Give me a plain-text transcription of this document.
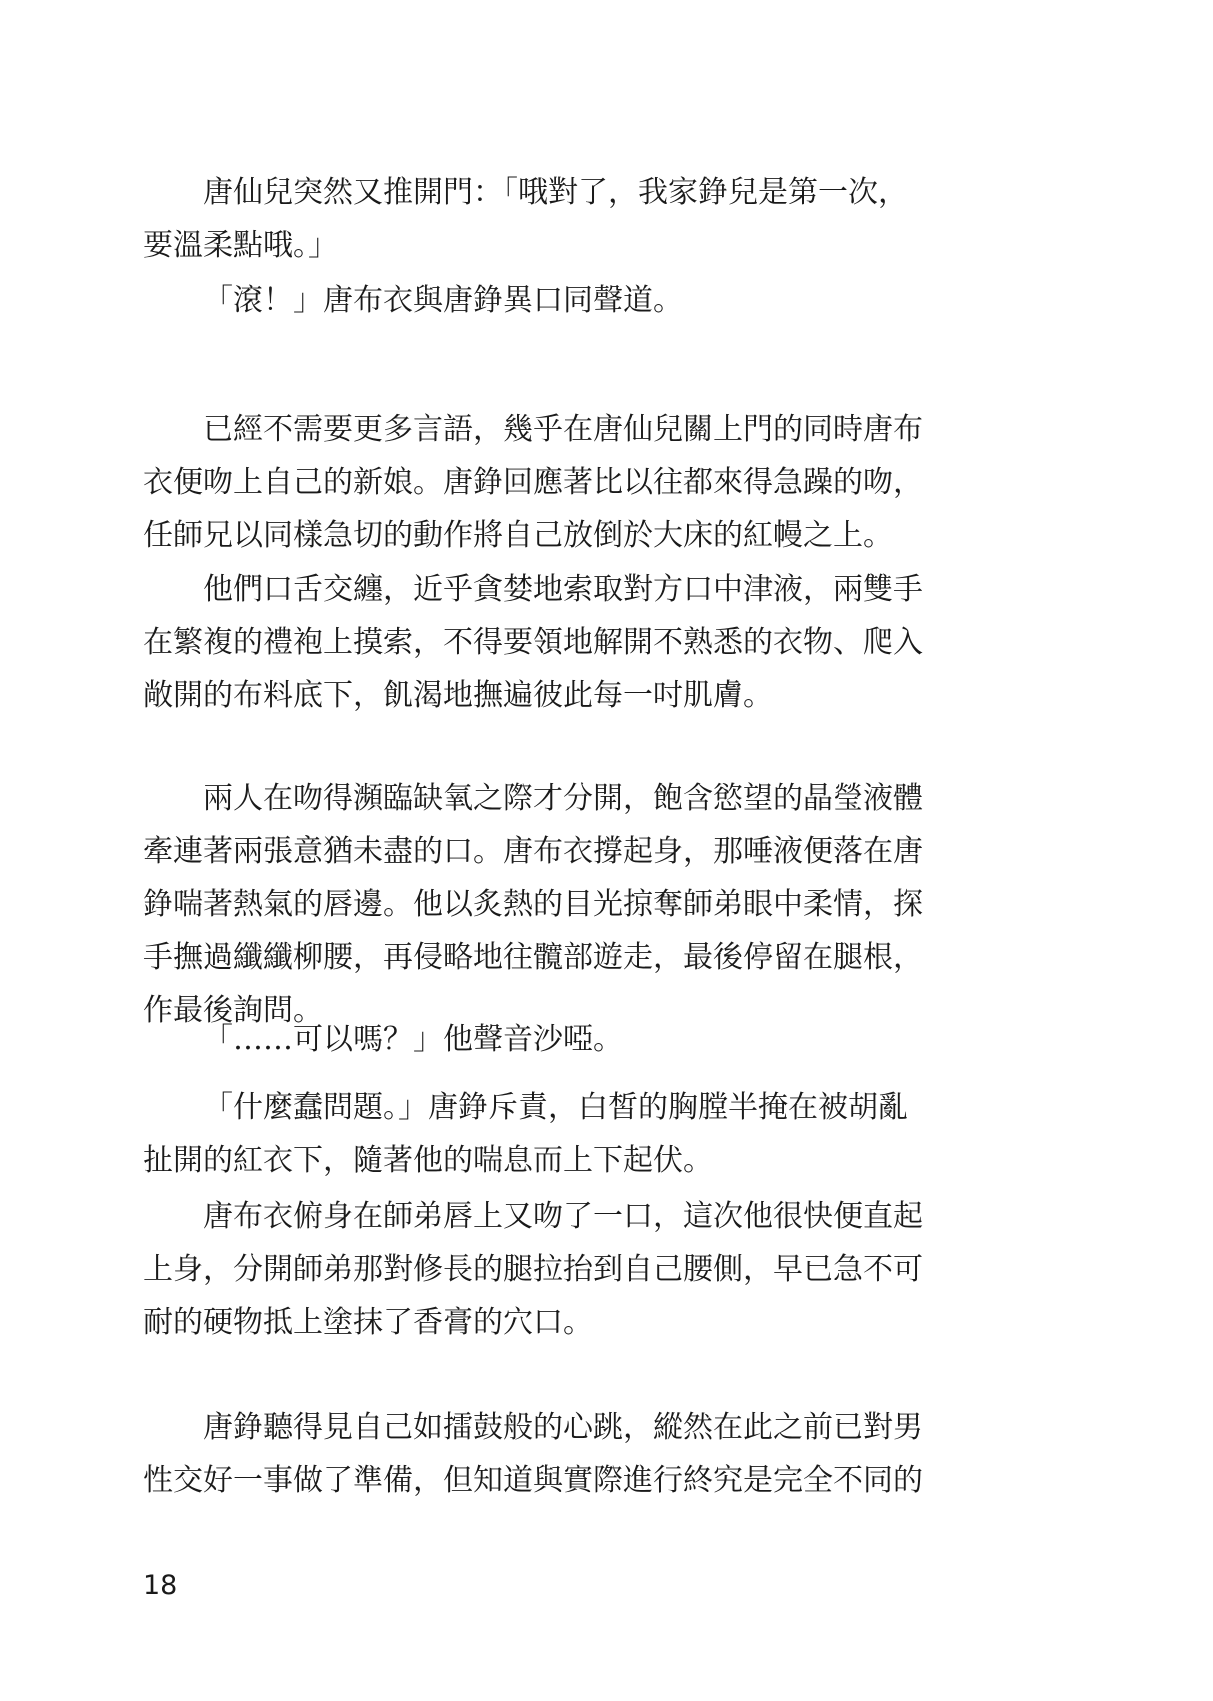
唐仙兒突然又推開門：「哦對了，我家錚兒是第一次，
要溫柔點哦。」

「滾！」唐布衣與唐錚異口同聲道。

已經不需要更多言語，幾乎在唐仙兒關上門的同時唐布
衣便吻上自己的新娘。唐錚回應著比以往都來得急躁的吻，
任師兄以同樣急切的動作將自己放倒於大床的紅幔之上。

他們口舌交纏，近乎貪婪地索取對方口中津液，兩雙手
在繁複的禮袍上摸索，不得要領地解開不熟悉的衣物、爬入
敞開的布料底下，飢渴地撫遍彼此每一吋肌膚。

兩人在吻得瀕臨缺氧之際才分開，飽含慾望的晶瑩液體
牽連著兩張意猶未盡的口。唐布衣撐起身，那唾液便落在唐
錚喘著熱氣的唇邊。他以炙熱的目光掠奪師弟眼中柔情，探
手撫過纖纖柳腰，再侵略地往髖部遊走，最後停留在腿根，
作最後詢問。

「……可以嗎？」他聲音沙啞。

「什麼蠢問題。」唐錚斥責，白皙的胸膛半掩在被胡亂
扯開的紅衣下，隨著他的喘息而上下起伏。

唐布衣俯身在師弟唇上又吻了一口，這次他很快便直起
上身，分開師弟那對修長的腿拉抬到自己腰側，早已急不可
耐的硬物抵上塗抹了香膏的穴口。

唐錚聽得見自己如擂鼓般的心跳，縱然在此之前已對男
性交好一事做了準備，但知道與實際進行終究是完全不同的

18
